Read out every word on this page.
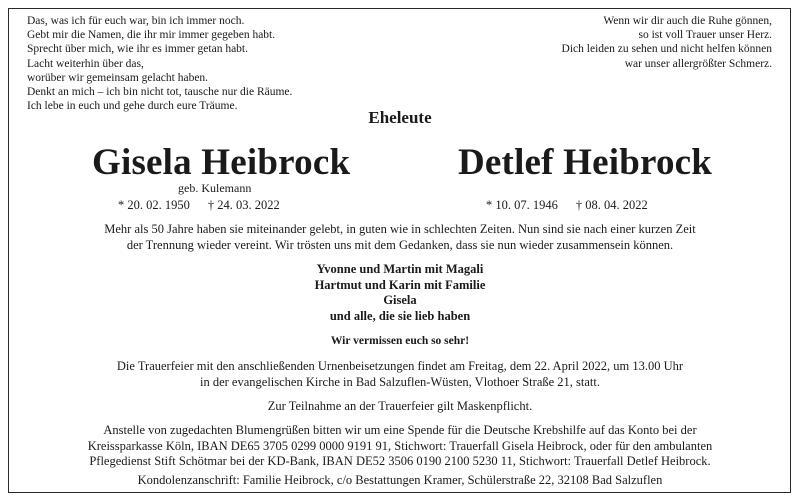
Das, was ich für euch war, bin ich immer noch.
Gebt mir die Namen, die ihr mir immer gegeben habt.
Sprecht über mich, wie ihr es immer getan habt.
Lacht weiterhin über das,
worüber wir gemeinsam gelacht haben.
Denkt an mich – ich bin nicht tot, tausche nur die Räume.
Ich lebe in euch und gehe durch eure Träume.
Wenn wir dir auch die Ruhe gönnen,
so ist voll Trauer unser Herz.
Dich leiden zu sehen und nicht helfen können
war unser allergrößter Schmerz.
Eheleute
Gisela Heibrock	Detlef Heibrock
geb. Kulemann
* 20. 02. 1950 † 24. 03. 2022	* 10. 07. 1946 † 08. 04. 2022
Mehr als 50 Jahre haben sie miteinander gelebt, in guten wie in schlechten Zeiten. Nun sind sie nach einer kurzen Zeit
der Trennung wieder vereint. Wir trösten uns mit dem Gedanken, dass sie nun wieder zusammensein können.
Yvonne und Martin mit Magali
Hartmut und Karin mit Familie
Gisela
und alle, die sie lieb haben
Wir vermissen euch so sehr!
Die Trauerfeier mit den anschließenden Urnenbeisetzungen findet am Freitag, dem 22. April 2022, um 13.00 Uhr
in der evangelischen Kirche in Bad Salzuflen-Wüsten, Vlothoer Straße 21, statt.
Zur Teilnahme an der Trauerfeier gilt Maskenpflicht.
Anstelle von zugedachten Blumengrüßen bitten wir um eine Spende für die Deutsche Krebshilfe auf das Konto bei der
Kreissparkasse Köln, IBAN DE65 3705 0299 0000 9191 91, Stichwort: Trauerfall Gisela Heibrock, oder für den ambulanten
Pflegedienst Stift Schötmar bei der KD-Bank, IBAN DE52 3506 0190 2100 5230 11, Stichwort: Trauerfall Detlef Heibrock.
Kondolenzanschrift: Familie Heibrock, c/o Bestattungen Kramer, Schülerstraße 22, 32108 Bad Salzuflen
